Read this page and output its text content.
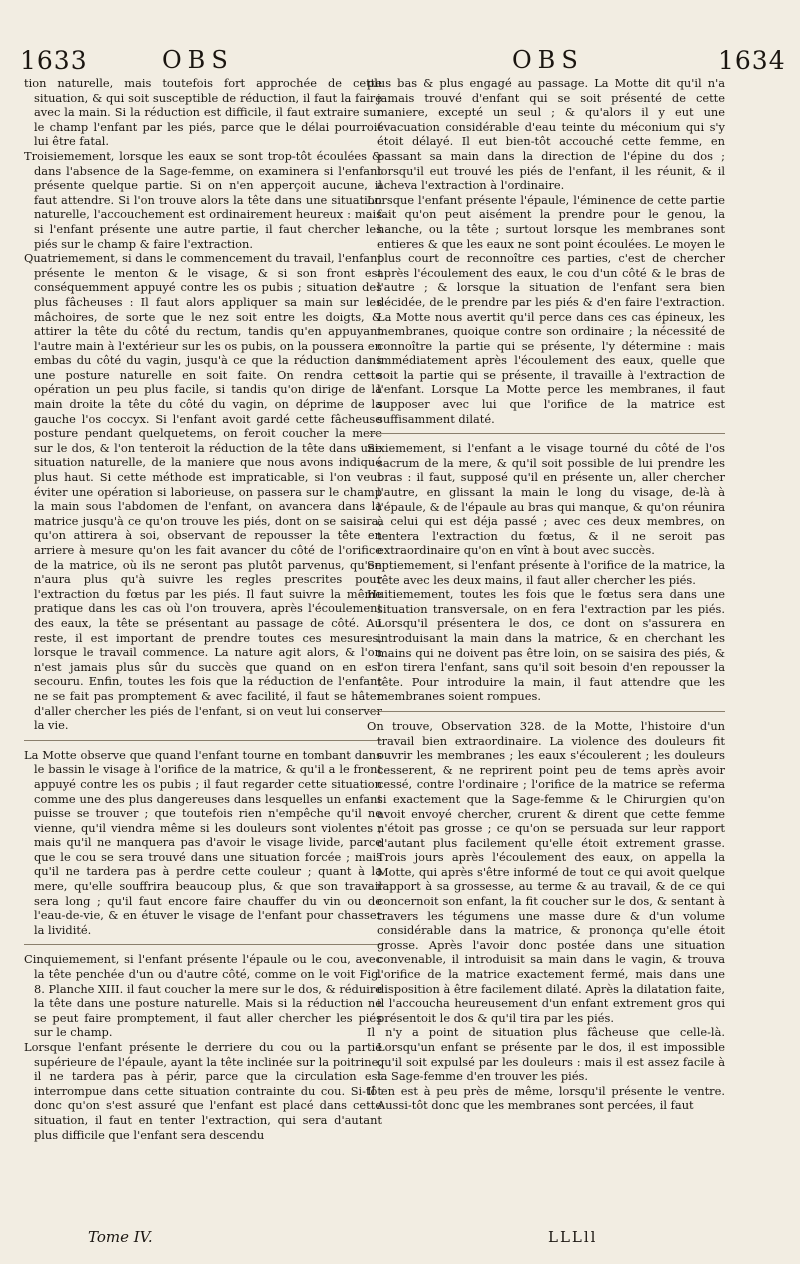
1633	OBS	OBS	1634

tion naturelle, mais toutefois fort approchée de cette situation, & qui soit susceptible de réduction, il faut la faire avec la main. Si la réduction est difficile, il faut extraire sur le champ l'enfant par les piés, parce que le délai pourroit lui être fatal.

Troisiemement, lorsque les eaux se sont trop-tôt écoulées & dans l'absence de la Sage-femme, on examinera si l'enfant présente quelque partie. Si on n'en apperçoit aucune, il faut attendre. Si l'on trouve alors la tête dans une situation naturelle, l'accouchement est ordinairement heureux : mais si l'enfant présente une autre partie, il faut chercher les piés sur le champ & faire l'extraction.

Quatriemement, si dans le commencement du travail, l'enfant présente le menton & le visage, & si son front est conséquemment appuyé contre les os pubis ; situation des plus fâcheuses : Il faut alors appliquer sa main sur les mâchoires, de sorte que le nez soit entre les doigts, & attirer la tête du côté du rectum, tandis qu'en appuyant l'autre main à l'extérieur sur les os pubis, on la poussera en embas du côté du vagin, jusqu'à ce que la réduction dans une posture naturelle en soit faite. On rendra cette opération un peu plus facile, si tandis qu'on dirige de la main droite la tête du côté du vagin, on déprime de la gauche l'os coccyx. Si l'enfant avoit gardé cette fâcheuse posture pendant quelquetems, on feroit coucher la mere sur le dos, & l'on tenteroit la réduction de la tête dans une situation naturelle, de la maniere que nous avons indiqué plus haut. Si cette méthode est impraticable, si l'on veut éviter une opération si laborieuse, on passera sur le champ la main sous l'abdomen de l'enfant, on avancera dans la matrice jusqu'à ce qu'on trouve les piés, dont on se saisira, qu'on attirera à soi, observant de repousser la tête en arriere à mesure qu'on les fait avancer du côté de l'orifice de la matrice, où ils ne seront pas plutôt parvenus, qu'on n'aura plus qu'à suivre les regles prescrites pour l'extraction du fœtus par les piés. Il faut suivre la même pratique dans les cas où l'on trouvera, après l'écoulement des eaux, la tête se présentant au passage de côté. Au reste, il est important de prendre toutes ces mesures, lorsque le travail commence. La nature agit alors, & l'on n'est jamais plus sûr du succès que quand on en est secouru. Enfin, toutes les fois que la réduction de l'enfant ne se fait pas promptement & avec facilité, il faut se hâter d'aller chercher les piés de l'enfant, si on veut lui conserver la vie.

La Motte observe que quand l'enfant tourne en tombant dans le bassin le visage à l'orifice de la matrice, & qu'il a le front appuyé contre les os pubis ; il faut regarder cette situation comme une des plus dangereuses dans lesquelles un enfant puisse se trouver ; que toutefois rien n'empêche qu'il ne vienne, qu'il viendra même si les douleurs sont violentes ; mais qu'il ne manquera pas d'avoir le visage livide, parce que le cou se sera trouvé dans une situation forcée ; mais qu'il ne tardera pas à perdre cette couleur ; quant à la mere, qu'elle souffrira beaucoup plus, & que son travail sera long ; qu'il faut encore faire chauffer du vin ou de l'eau-de-vie, & en étuver le visage de l'enfant pour chasser la lividité.

Cinquiemement, si l'enfant présente l'épaule ou le cou, avec la tête penchée d'un ou d'autre côté, comme on le voit Fig. 8. Planche XIII. il faut coucher la mere sur le dos, & réduire la tête dans une posture naturelle. Mais si la réduction ne se peut faire promptement, il faut aller chercher les piés sur le champ.

Lorsque l'enfant présente le derriere du cou ou la partie supérieure de l'épaule, ayant la tête inclinée sur la poitrine, il ne tardera pas à périr, parce que la circulation est interrompue dans cette situation contrainte du cou. Si-tôt donc qu'on s'est assuré que l'enfant est placé dans cette situation, il faut en tenter l'extraction, qui sera d'autant plus difficile que l'enfant sera descendu

plus bas & plus engagé au passage. La Motte dit qu'il n'a jamais trouvé d'enfant qui se soit présenté de cette maniere, excepté un seul ; & qu'alors il y eut une évacuation considérable d'eau teinte du méconium qui s'y étoit délayé. Il eut bien-tôt accouché cette femme, en passant sa main dans la direction de l'épine du dos ; lorsqu'il eut trouvé les piés de l'enfant, il les réunit, & il acheva l'extraction à l'ordinaire.

Lorsque l'enfant présente l'épaule, l'éminence de cette partie fait qu'on peut aisément la prendre pour le genou, la hanche, ou la tête ; surtout lorsque les membranes sont entieres & que les eaux ne sont point écoulées. Le moyen le plus court de reconnoître ces parties, c'est de chercher après l'écoulement des eaux, le cou d'un côté & le bras de l'autre ; & lorsque la situation de l'enfant sera bien décidée, de le prendre par les piés & d'en faire l'extraction. La Motte nous avertit qu'il perce dans ces cas épineux, les membranes, quoique contre son ordinaire ; la nécessité de connoître la partie qui se présente, l'y détermine : mais immédiatement après l'écoulement des eaux, quelle que soit la partie qui se présente, il travaille à l'extraction de l'enfant. Lorsque La Motte perce les membranes, il faut supposer avec lui que l'orifice de la matrice est suffisamment dilaté.

Sixiemement, si l'enfant a le visage tourné du côté de l'os sacrum de la mere, & qu'il soit possible de lui prendre les bras : il faut, supposé qu'il en présente un, aller chercher l'autre, en glissant la main le long du visage, de-là à l'épaule, & de l'épaule au bras qui manque, & qu'on réunira à celui qui est déja passé ; avec ces deux membres, on tentera l'extraction du fœtus, & il ne seroit pas extraordinaire qu'on en vînt à bout avec succès.

Septiemement, si l'enfant présente à l'orifice de la matrice, la tête avec les deux mains, il faut aller chercher les piés.

Huitiemement, toutes les fois que le fœtus sera dans une situation transversale, on en fera l'extraction par les piés. Lorsqu'il présentera le dos, ce dont on s'assurera en introduisant la main dans la matrice, & en cherchant les mains qui ne doivent pas être loin, on se saisira des piés, & l'on tirera l'enfant, sans qu'il soit besoin d'en repousser la tête. Pour introduire la main, il faut attendre que les membranes soient rompues.

On trouve, Observation 328. de la Motte, l'histoire d'un travail bien extraordinaire. La violence des douleurs fit ouvrir les membranes ; les eaux s'écoulerent ; les douleurs cesserent, & ne reprirent point peu de tems après avoir cessé, contre l'ordinaire ; l'orifice de la matrice se referma si exactement que la Sage-femme & le Chirurgien qu'on avoit envoyé chercher, crurent & dirent que cette femme n'étoit pas grosse ; ce qu'on se persuada sur leur rapport d'autant plus facilement qu'elle étoit extrement grasse. Trois jours après l'écoulement des eaux, on appella la Motte, qui après s'être informé de tout ce qui avoit quelque rapport à sa grossesse, au terme & au travail, & de ce qui concernoit son enfant, la fit coucher sur le dos, & sentant à travers les tégumens une masse dure & d'un volume considérable dans la matrice, & prononça qu'elle étoit grosse. Après l'avoir donc postée dans une situation convenable, il introduisit sa main dans le vagin, & trouva l'orifice de la matrice exactement fermé, mais dans une disposition à être facilement dilaté. Après la dilatation faite, il l'accoucha heureusement d'un enfant extrement gros qui présentoit le dos & qu'il tira par les piés.

Il n'y a point de situation plus fâcheuse que celle-là. Lorsqu'un enfant se présente par le dos, il est impossible qu'il soit expulsé par les douleurs : mais il est assez facile à la Sage-femme d'en trouver les piés.

Il en est à peu près de même, lorsqu'il présente le ventre. Aussi-tôt donc que les membranes sont percées, il faut

Tome IV.	LLLll
